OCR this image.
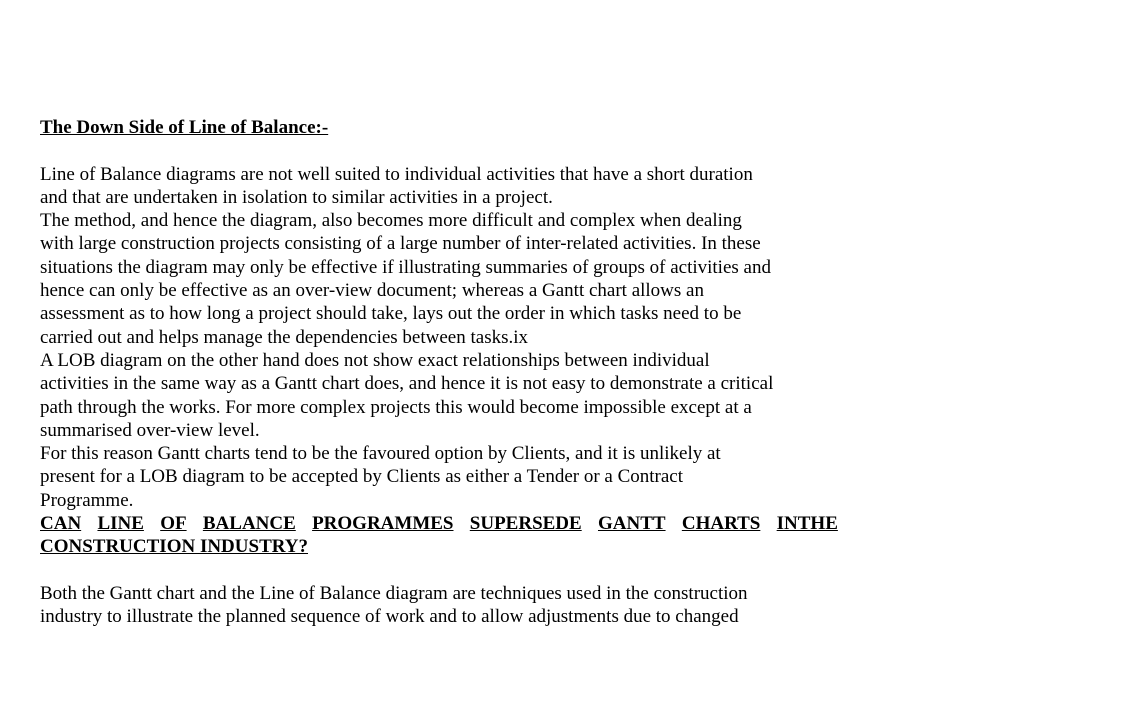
The Down Side of Line of Balance:-
Line of Balance diagrams are not well suited to individual activities that have a short duration
and that are undertaken in isolation to similar activities in a project.
The method, and hence the diagram, also becomes more difficult and complex when dealing
with large construction projects consisting of a large number of inter-related activities. In these
situations the diagram may only be effective if illustrating summaries of groups of activities and
hence can only be effective as an over-view document; whereas a Gantt chart allows an
assessment as to how long a project should take, lays out the order in which tasks need to be
carried out and helps manage the dependencies between tasks.ix
A LOB diagram on the other hand does not show exact relationships between individual
activities in the same way as a Gantt chart does, and hence it is not easy to demonstrate a critical
path through the works. For more complex projects this would become impossible except at a
summarised over-view level.
For this reason Gantt charts tend to be the favoured option by Clients, and it is unlikely at
present for a LOB diagram to be accepted by Clients as either a Tender or a Contract
Programme.
CAN LINE OF BALANCE PROGRAMMES SUPERSEDE GANTT CHARTS INTHE
CONSTRUCTION INDUSTRY?
Both the Gantt chart and the Line of Balance diagram are techniques used in the construction
industry to illustrate the planned sequence of work and to allow adjustments due to changed
